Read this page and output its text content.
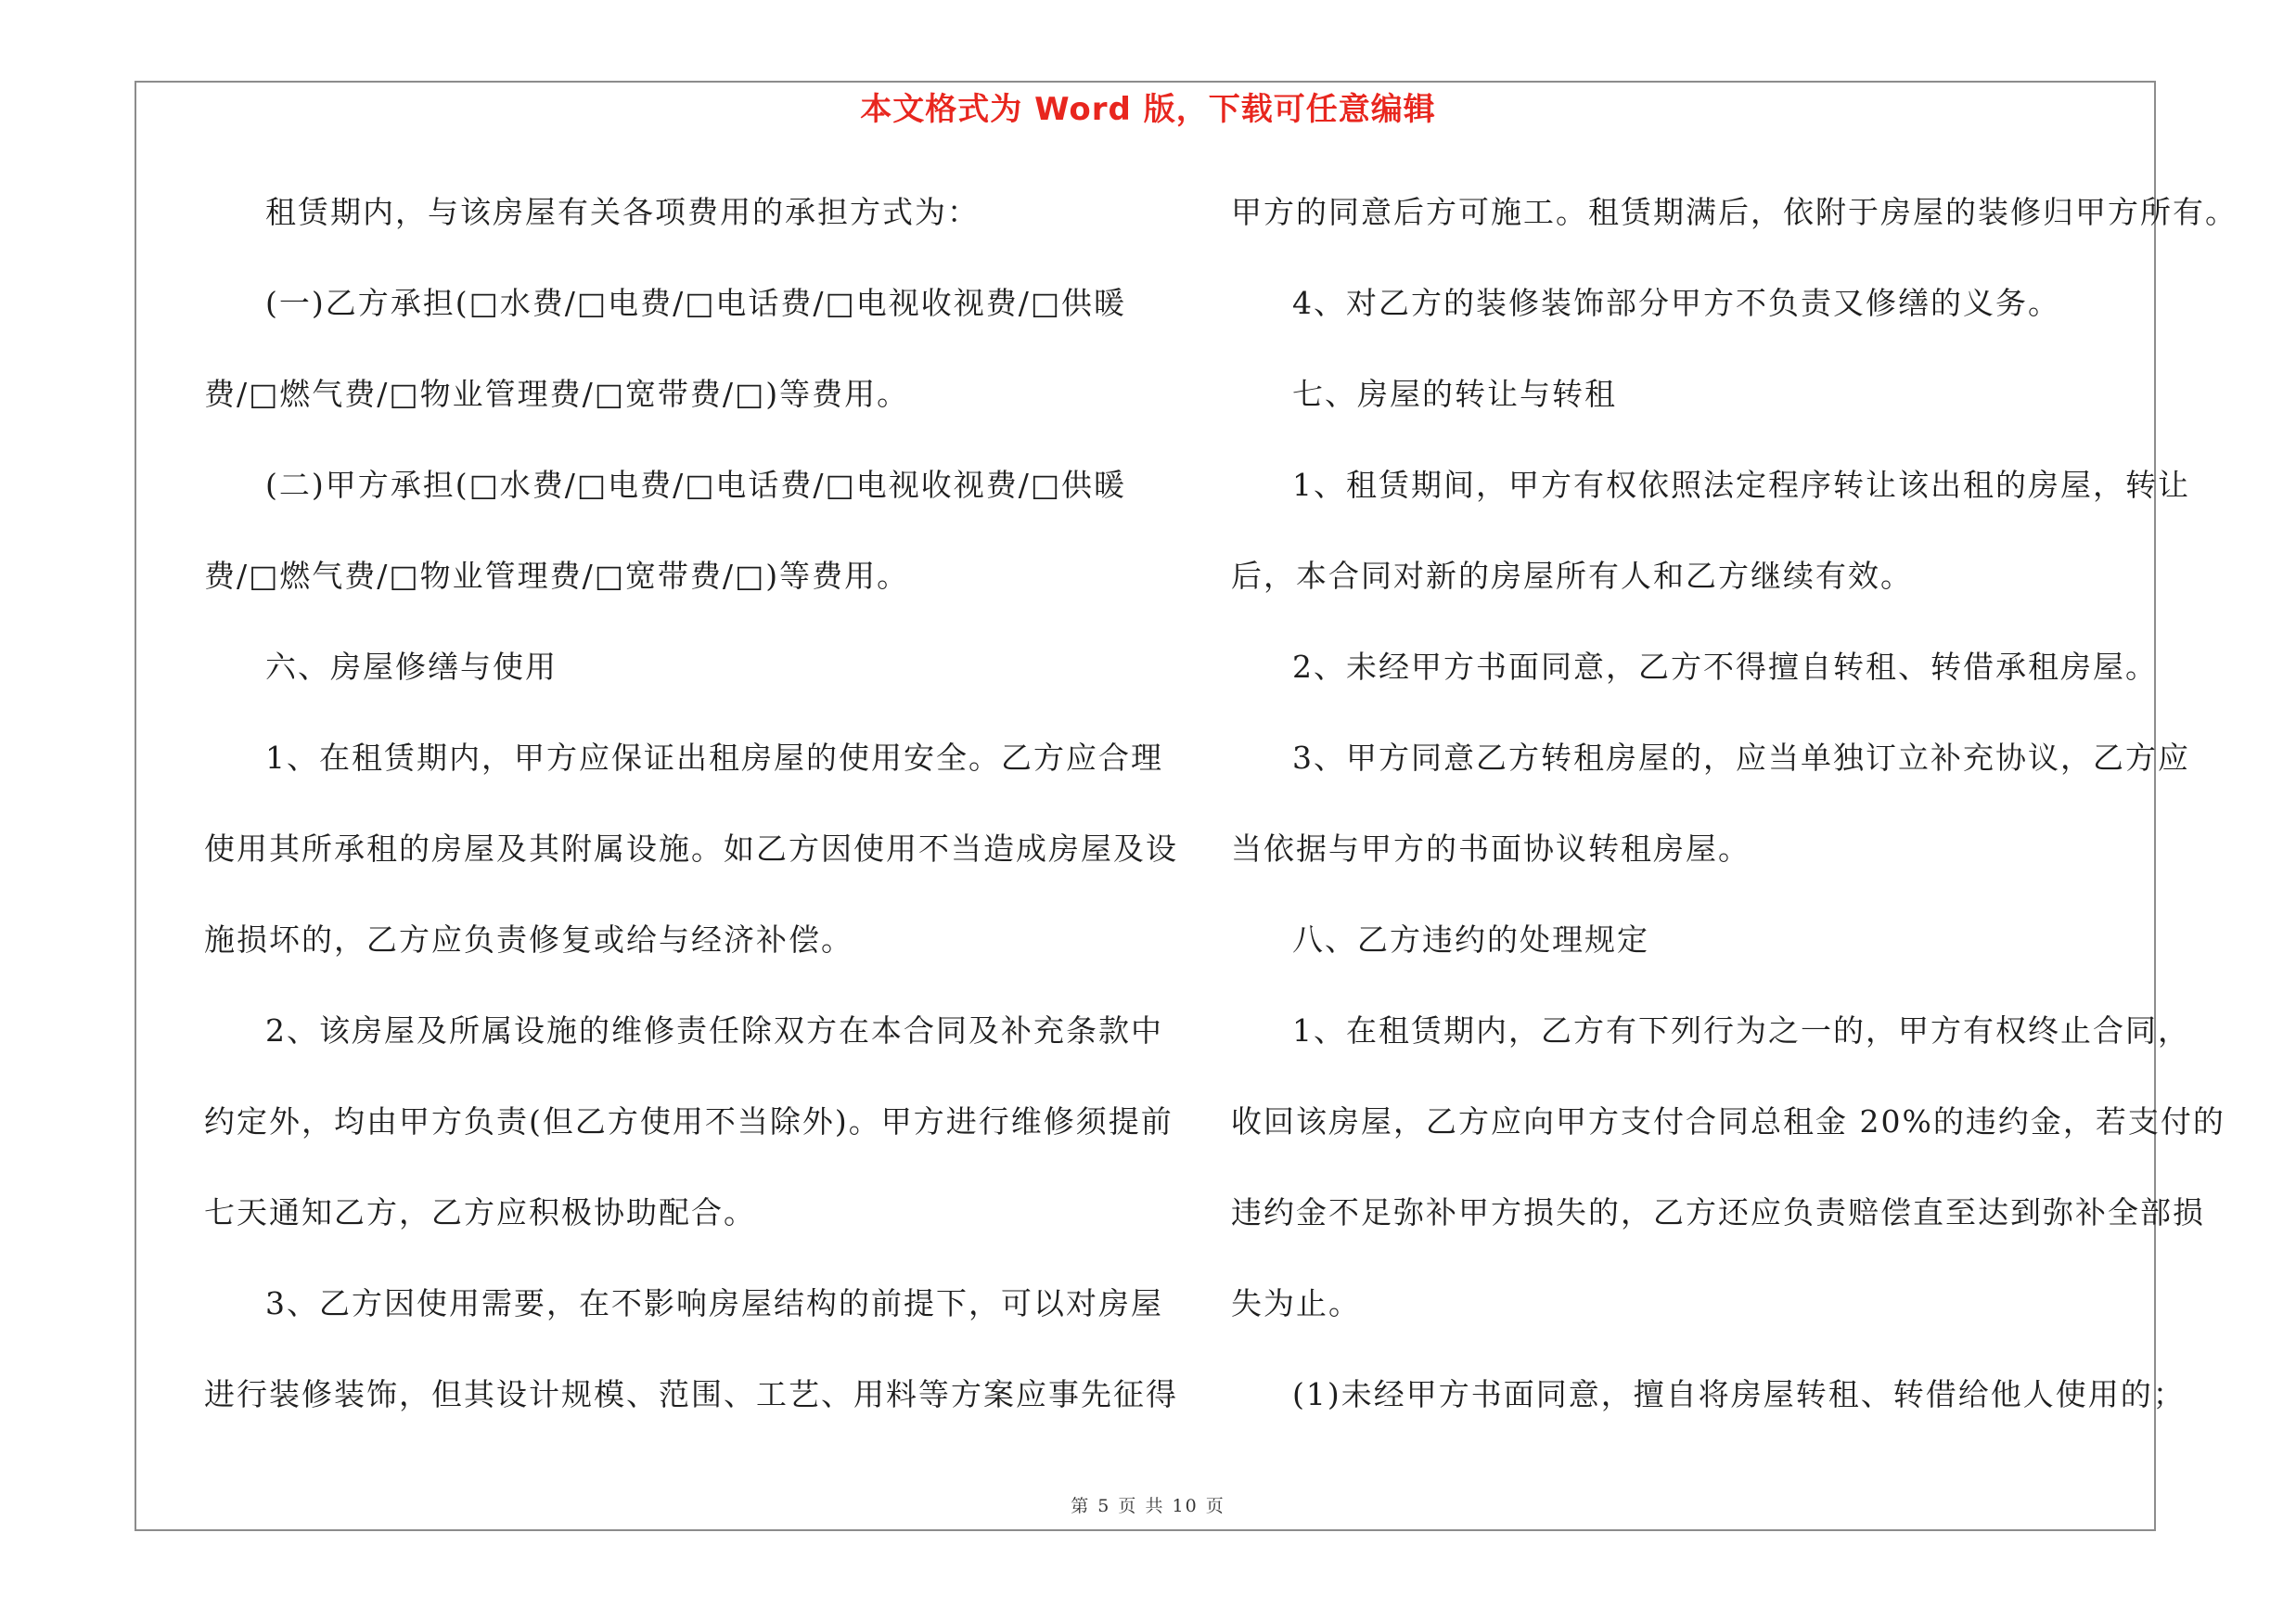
本文格式为 Word 版，下载可任意编辑
租赁期内，与该房屋有关各项费用的承担方式为：
(一)乙方承担(□水费/□电费/□电话费/□电视收视费/□供暖
费/□燃气费/□物业管理费/□宽带费/□)等费用。
(二)甲方承担(□水费/□电费/□电话费/□电视收视费/□供暖
费/□燃气费/□物业管理费/□宽带费/□)等费用。
六、房屋修缮与使用
1、在租赁期内，甲方应保证出租房屋的使用安全。乙方应合理
使用其所承租的房屋及其附属设施。如乙方因使用不当造成房屋及设
施损坏的，乙方应负责修复或给与经济补偿。
2、该房屋及所属设施的维修责任除双方在本合同及补充条款中
约定外，均由甲方负责(但乙方使用不当除外)。甲方进行维修须提前
七天通知乙方，乙方应积极协助配合。
3、乙方因使用需要，在不影响房屋结构的前提下，可以对房屋
进行装修装饰，但其设计规模、范围、工艺、用料等方案应事先征得
甲方的同意后方可施工。租赁期满后，依附于房屋的装修归甲方所有。
4、对乙方的装修装饰部分甲方不负责又修缮的义务。
七、房屋的转让与转租
1、租赁期间，甲方有权依照法定程序转让该出租的房屋，转让
后，本合同对新的房屋所有人和乙方继续有效。
2、未经甲方书面同意，乙方不得擅自转租、转借承租房屋。
3、甲方同意乙方转租房屋的，应当单独订立补充协议，乙方应
当依据与甲方的书面协议转租房屋。
八、乙方违约的处理规定
1、在租赁期内，乙方有下列行为之一的，甲方有权终止合同，
收回该房屋，乙方应向甲方支付合同总租金 20%的违约金，若支付的
违约金不足弥补甲方损失的，乙方还应负责赔偿直至达到弥补全部损
失为止。
(1)未经甲方书面同意，擅自将房屋转租、转借给他人使用的；
第 5 页 共 10 页
